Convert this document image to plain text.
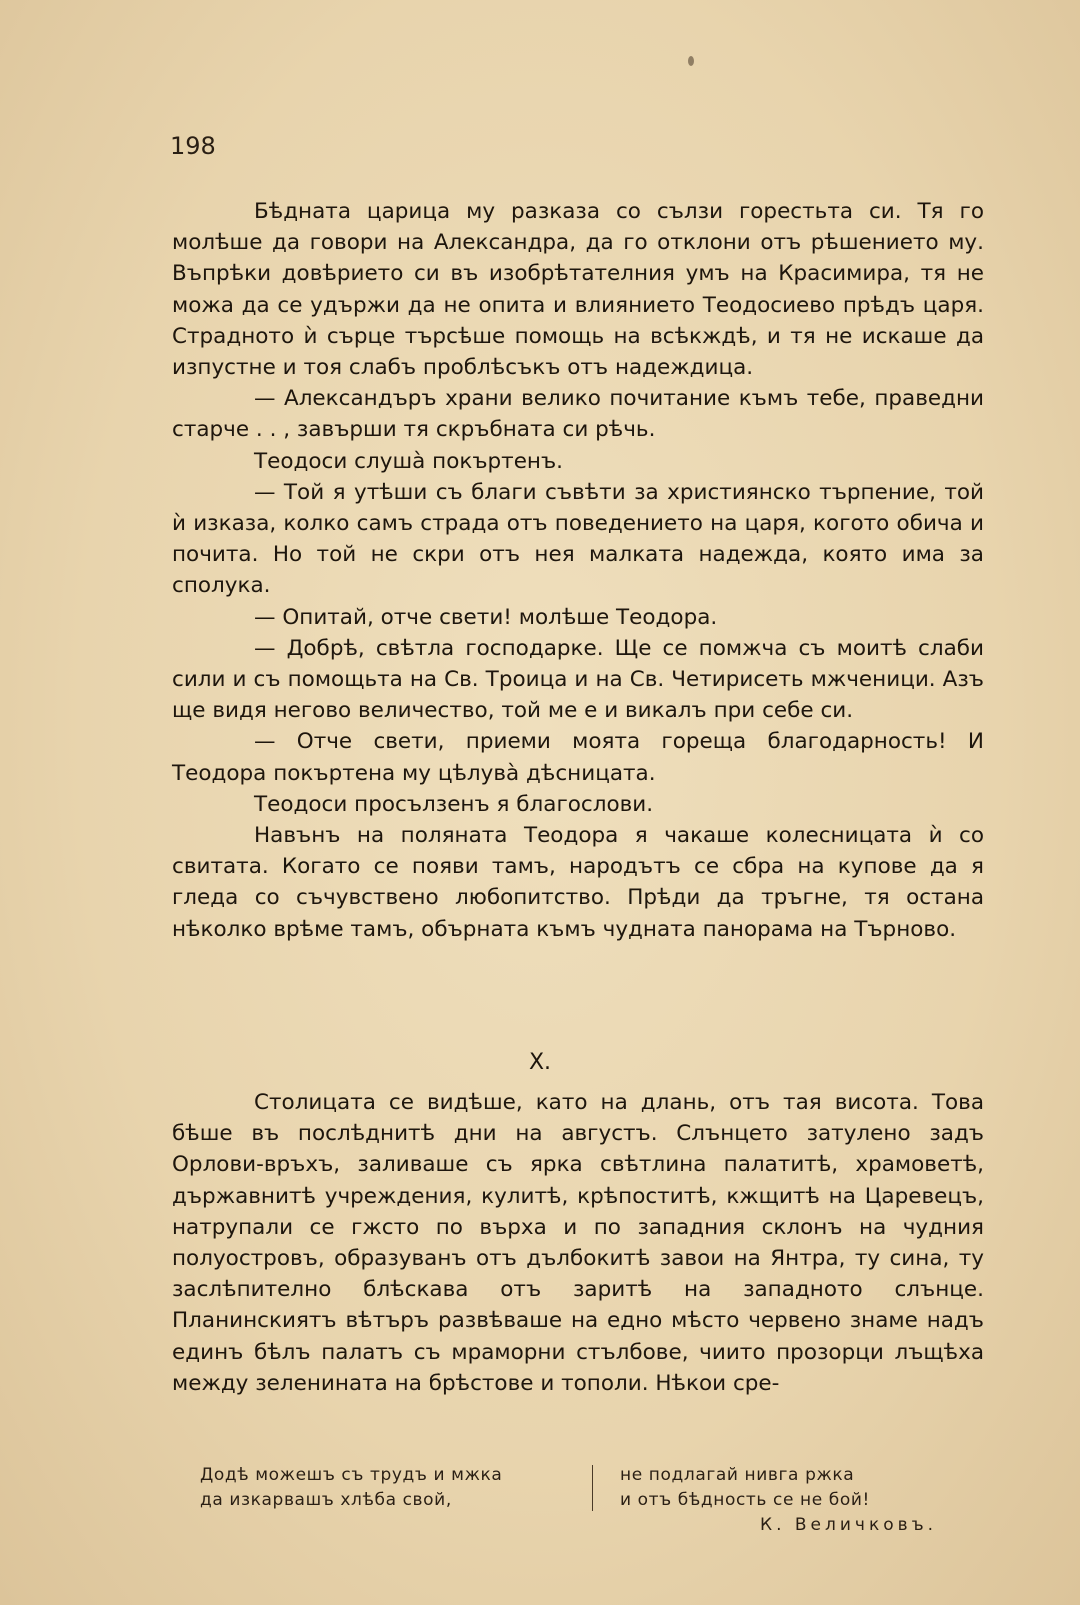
198

Бѣдната царица му разказа со сълзи горестьта си. Тя го молѣше да говори на Александра, да го отклони отъ рѣшението му. Въпрѣки довѣрието си въ изобрѣтателния умъ на Красимира, тя не можа да се удържи да не опита и влиянието Теодосиево прѣдъ царя. Страдното ѝ сърце търсѣше помощь на всѣкждѣ, и тя не искаше да изпустне и тоя слабъ проблѣсъкъ отъ надеждица.

— Александъръ храни велико почитание къмъ тебе, праведни старче . . , завърши тя скръбната си рѣчь.

Теодоси слушà покъртенъ.

— Той я утѣши съ благи съвѣти за християнско търпение, той ѝ изказа, колко самъ страда отъ поведението на царя, когото обича и почита. Но той не скри отъ нея малката надежда, която има за сполука.

— Опитай, отче свети! молѣше Теодора.

— Добрѣ, свѣтла господарке. Ще се помжча съ моитѣ слаби сили и съ помощьта на Св. Троица и на Св. Четирисеть мжченици. Азъ ще видя негово величество, той ме е и викалъ при себе си.

— Отче свети, приеми моята гореща благодарность! И Теодора покъртена му цѣлувà дѣсницата.

Теодоси просълзенъ я благослови.

Навънъ на поляната Теодора я чакаше колесницата ѝ со свитата. Когато се появи тамъ, народътъ се сбра на купове да я гледа со съчувствено любопитство. Прѣди да тръгне, тя остана нѣколко врѣме тамъ, обърната къмъ чудната панорама на Търново.

X.

Столицата се видѣше, като на длань, отъ тая висота. Това бѣше въ послѣднитѣ дни на августъ. Слънцето затулено задъ Орлови-връхъ, заливаше съ ярка свѣтлина палатитѣ, храмоветѣ, държавнитѣ учреждения, кулитѣ, крѣпоститѣ, кжщитѣ на Царевецъ, натрупали се гжсто по върха и по западния склонъ на чудния полуостровъ, образуванъ отъ дълбокитѣ завои на Янтра, ту сина, ту заслѣпително блѣскава отъ заритѣ на западното слънце. Планинскиятъ вѣтъръ развѣваше на едно мѣсто червено знаме надъ единъ бѣлъ палатъ съ мраморни стълбове, чиито прозорци лъщѣха между зеленината на брѣстове и тополи. Нѣкои сре-

Додѣ можешъ съ трудъ и мжка
да изкарвашъ хлѣба свой,
не подлагай нивга ржка
и отъ бѣдность се не бой!
К. Величковъ.
